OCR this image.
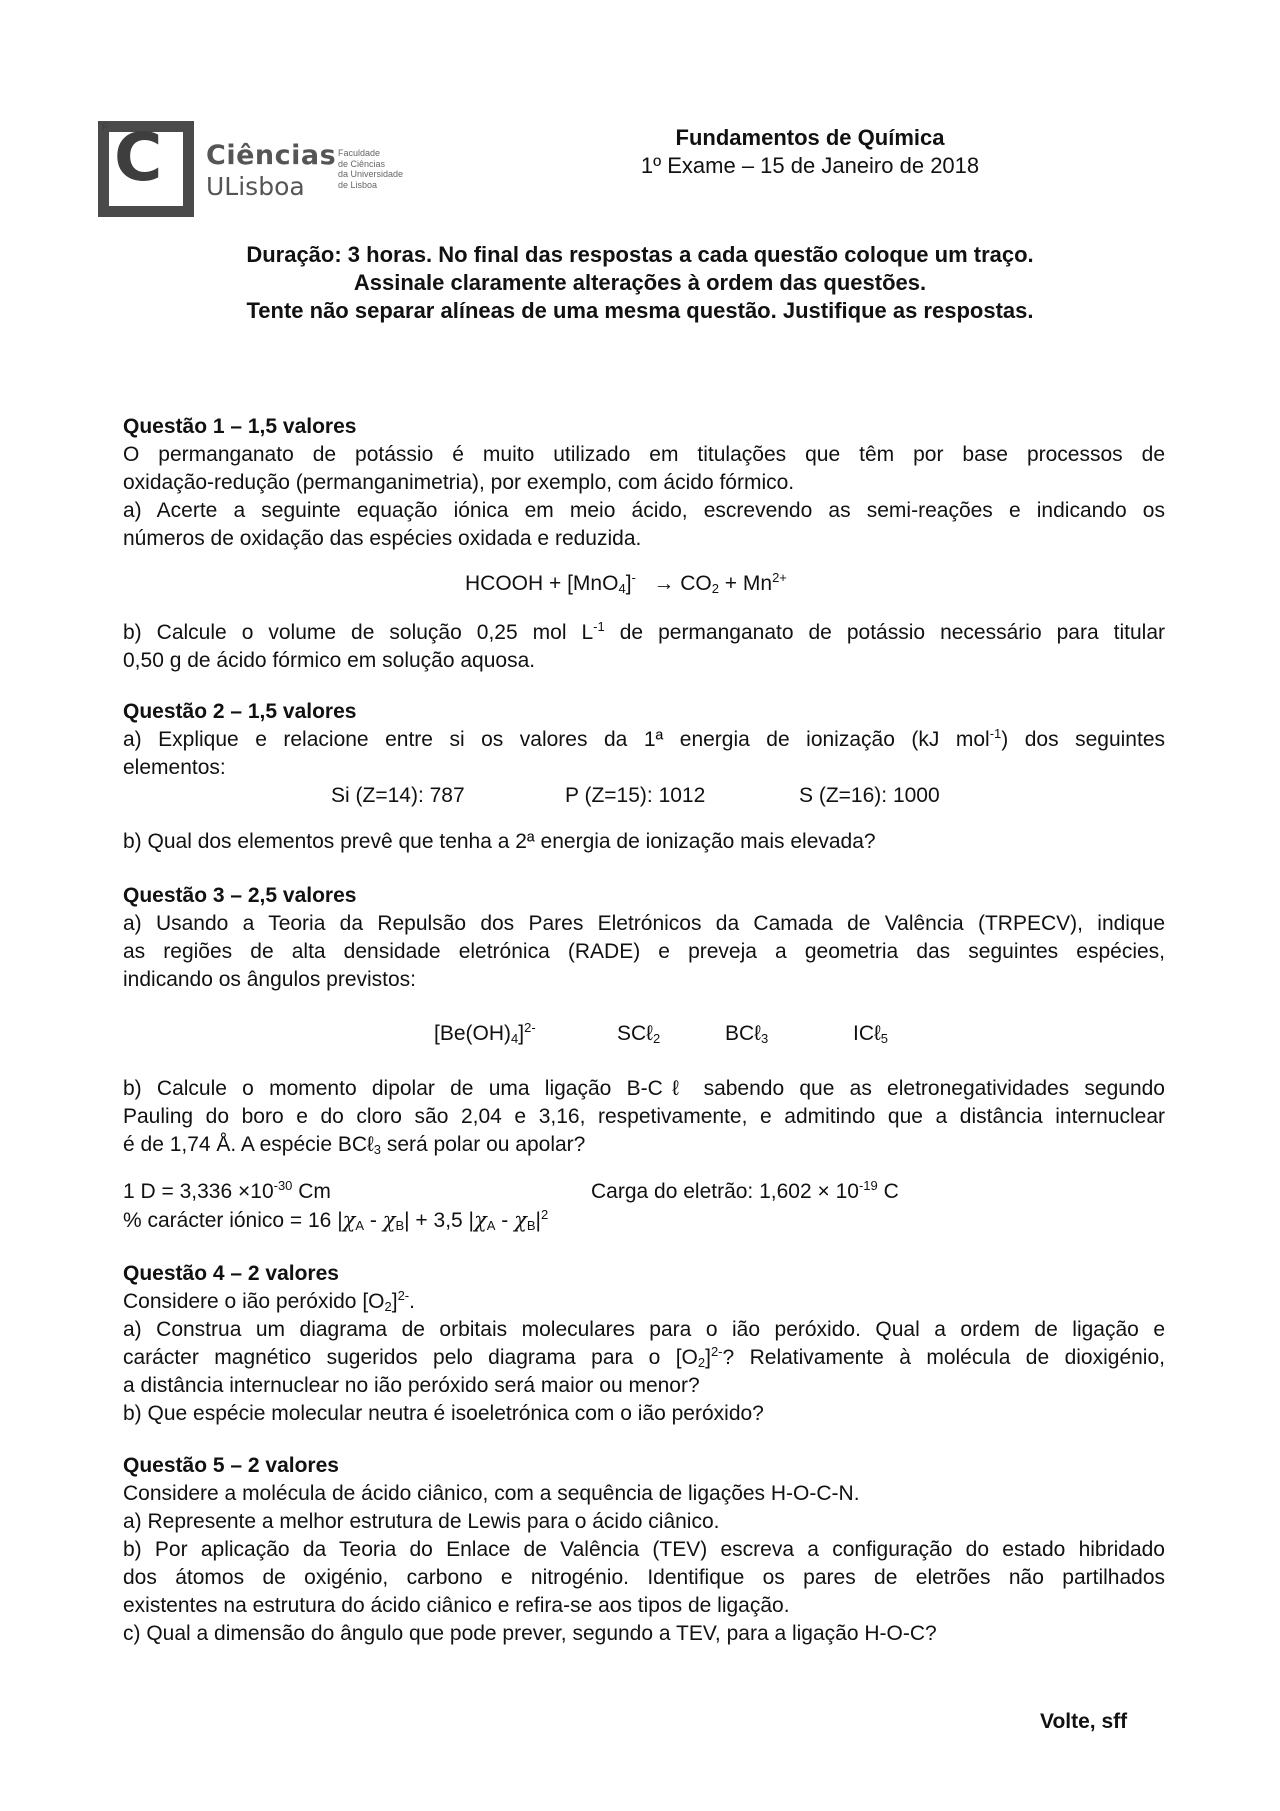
F C Ciências
ULisboa
Faculdade
de Ciências
da Universidade
de Lisboa
Fundamentos de Química
1º Exame – 15 de Janeiro de 2018
Duração: 3 horas. No final das respostas a cada questão coloque um traço.
Assinale claramente alterações à ordem das questões.
Tente não separar alíneas de uma mesma questão. Justifique as respostas.
Questão 1 – 1,5 valores
O permanganato de potássio é muito utilizado em titulações que têm por base processos de
oxidação-redução (permanganimetria), por exemplo, com ácido fórmico.
a) Acerte a seguinte equação iónica em meio ácido, escrevendo as semi-reações e indicando os
números de oxidação das espécies oxidada e reduzida.
HCOOH + $[MnO_4]^- \to CO_2 + Mn^{2+}$
b) Calcule o volume de solução 0,25 mol $L^{-1}$ de permanganato de potássio necessário para titular
0,50 g de ácido fórmico em solução aquosa.
Questão 2 – 1,5 valores
a) Explique e relacione entre si os valores da 1ª energia de ionização (kJ mol$^{-1}$) dos seguintes
elementos:
Si (Z=14): 787	P (Z=15): 1012	S (Z=16): 1000
b) Qual dos elementos prevê que tenha a 2ª energia de ionização mais elevada?
Questão 3 – 2,5 valores
a) Usando a Teoria da Repulsão dos Pares Eletrónicos da Camada de Valência (TRPECV), indique
as regiões de alta densidade eletrónica (RADE) e preveja a geometria das seguintes espécies,
indicando os ângulos previstos:
$[Be(OH)_4]^{2-}$	SCℓ$_2$	BCℓ$_3$	ICℓ$_5$
b) Calcule o momento dipolar de uma ligação B-Cℓ sabendo que as eletronegatividades segundo
Pauling do boro e do cloro são 2,04 e 3,16, respetivamente, e admitindo que a distância internuclear
é de 1,74 Å. A espécie BCℓ$_3$ será polar ou apolar?
1 $D = 3,336 \times 10^{-30}$ Cm	Carga do eletrão: $1,602 \times 10^{-19}$ C
% carácter iónico = 16 $|\chi_A - \chi_B| + 3,5$ $|\chi_A - \chi_B|^2$
Questão 4 – 2 valores
Considere o ião peróxido $[O_2]^{2-}$.
a) Construa um diagrama de orbitais moleculares para o ião peróxido. Qual a ordem de ligação e
carácter magnético sugeridos pelo diagrama para o $[O_2]^{2-}$? Relativamente à molécula de dioxigénio,
a distância internuclear no ião peróxido será maior ou menor?
b) Que espécie molecular neutra é isoeletrónica com o ião peróxido?
Questão 5 – 2 valores
Considere a molécula de ácido ciânico, com a sequência de ligações H-O-C-N.
a) Represente a melhor estrutura de Lewis para o ácido ciânico.
b) Por aplicação da Teoria do Enlace de Valência (TEV) escreva a configuração do estado hibridado
dos átomos de oxigénio, carbono e nitrogénio. Identifique os pares de eletrões não partilhados
existentes na estrutura do ácido ciânico e refira-se aos tipos de ligação.
c) Qual a dimensão do ângulo que pode prever, segundo a TEV, para a ligação H-O-C?
Volte, sff
